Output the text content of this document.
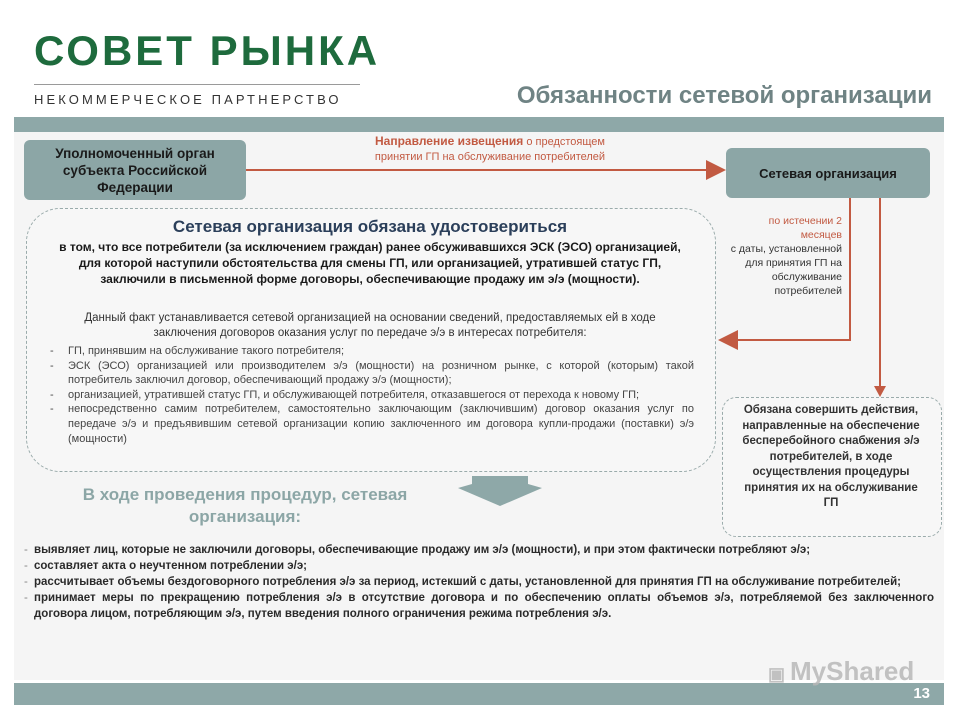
СОВЕТ РЫНКА
НЕКОММЕРЧЕСКОЕ ПАРТНЕРСТВО	Обязанности сетевой организации
Уполномоченный орган субъекта Российской Федерации
Направление извещения о предстоящем
принятии ГП на обслуживание потребителей
Сетевая организация
по истечении 2
месяцев
с даты, установленной для принятия ГП на обслуживание потребителей
Сетевая организация обязана удостовериться
в том, что все потребители (за исключением граждан) ранее обсуживавшихся ЭСК (ЭСО) организацией, для которой наступили обстоятельства для смены ГП, или организацией, утратившей статус ГП, заключили в письменной форме договоры, обеспечивающие продажу им э/э (мощности).
Данный факт устанавливается сетевой организацией на основании сведений, предоставляемых ей в ходе заключения договоров оказания услуг по передаче э/э в интересах потребителя:
- ГП, принявшим на обслуживание такого потребителя;
- ЭСК (ЭСО) организацией или производителем э/э (мощности) на розничном рынке, с которой (которым) такой потребитель заключил договор, обеспечивающий продажу э/э (мощности);
- организацией, утратившей статус ГП, и обслуживающей потребителя, отказавшегося от перехода к новому ГП;
- непосредственно самим потребителем, самостоятельно заключающим (заключившим) договор оказания услуг по передаче э/э и предъявившим сетевой организации копию заключенного им договора купли-продажи (поставки) э/э (мощности)
Обязана совершить действия, направленные на обеспечение бесперебойного снабжения э/э потребителей, в ходе осуществления процедуры принятия их на обслуживание ГП
В ходе проведения процедур, сетевая организация:
- выявляет лиц, которые не заключили договоры, обеспечивающие продажу им э/э (мощности), и при этом фактически потребляют э/э;
- составляет акта о неучтенном потреблении э/э;
- рассчитывает объемы бездоговорного потребления э/э за период, истекший с даты, установленной для принятия ГП на обслуживание потребителей;
- принимает меры по прекращению потребления э/э в отсутствие договора и по обеспечению оплаты объемов э/э, потребляемой без заключенного договора лицом, потребляющим э/э, путем введения полного ограничения режима потребления э/э.
13
▣ MyShared
